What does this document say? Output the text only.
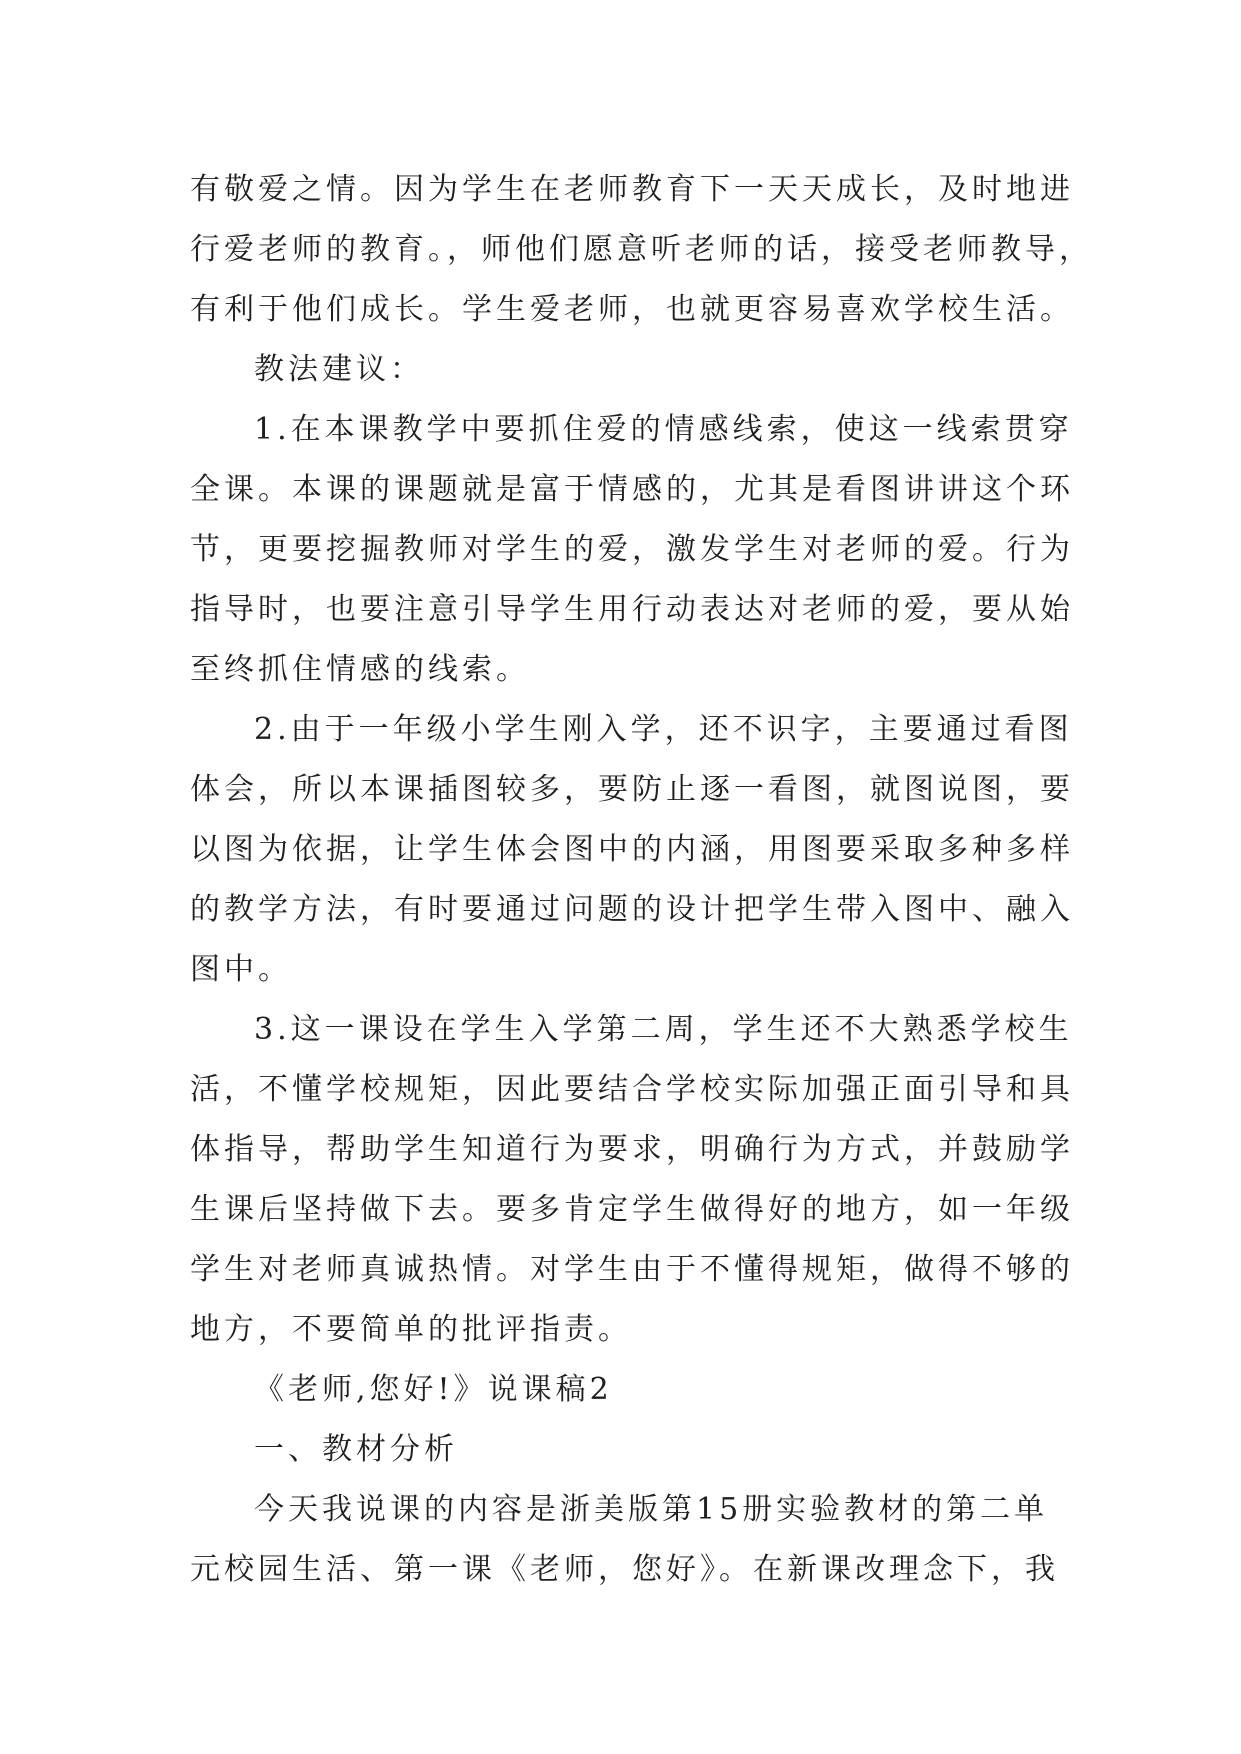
有敬爱之情。因为学生在老师教育下一天天成长，及时地进
行爱老师的教育。，师他们愿意听老师的话，接受老师教导，
有利于他们成长。学生爱老师，也就更容易喜欢学校生活。
教法建议：
1.在本课教学中要抓住爱的情感线索，使这一线索贯穿
全课。本课的课题就是富于情感的，尤其是看图讲讲这个环
节，更要挖掘教师对学生的爱，激发学生对老师的爱。行为
指导时，也要注意引导学生用行动表达对老师的爱，要从始
至终抓住情感的线索。
2.由于一年级小学生刚入学，还不识字，主要通过看图
体会，所以本课插图较多，要防止逐一看图，就图说图，要
以图为依据，让学生体会图中的内涵，用图要采取多种多样
的教学方法，有时要通过问题的设计把学生带入图中、融入
图中。
3.这一课设在学生入学第二周，学生还不大熟悉学校生
活，不懂学校规矩，因此要结合学校实际加强正面引导和具
体指导，帮助学生知道行为要求，明确行为方式，并鼓励学
生课后坚持做下去。要多肯定学生做得好的地方，如一年级
学生对老师真诚热情。对学生由于不懂得规矩，做得不够的
地方，不要简单的批评指责。
《老师,您好!》说课稿2
一、教材分析
今天我说课的内容是浙美版第15册实验教材的第二单
元校园生活、第一课《老师，您好》。在新课改理念下，我
